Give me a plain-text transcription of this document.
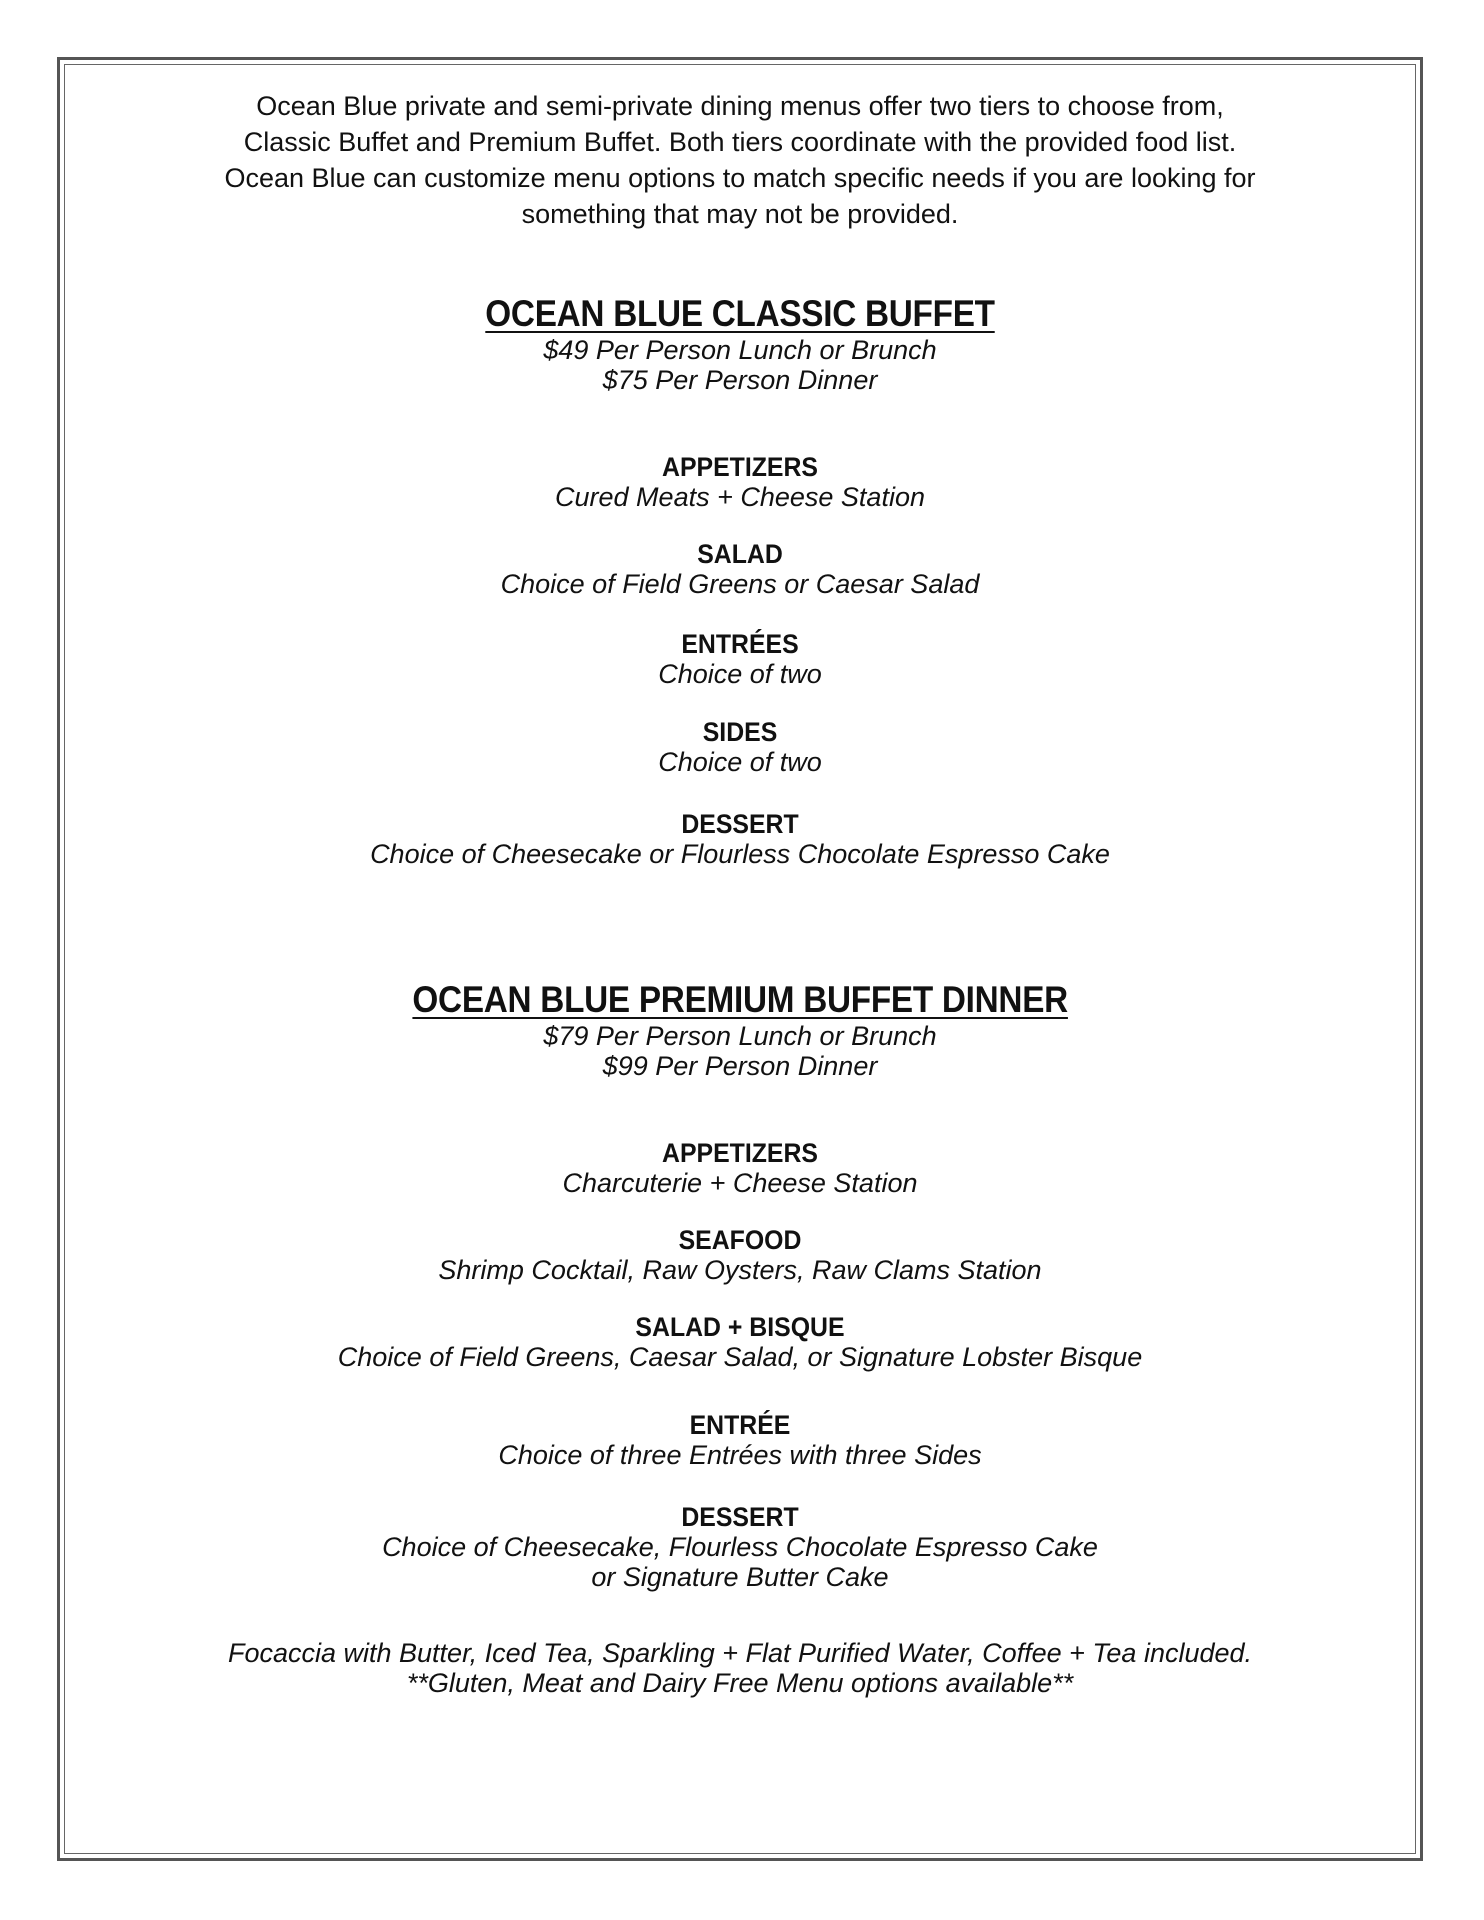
Ocean Blue private and semi-private dining menus offer two tiers to choose from,
Classic Buffet and Premium Buffet. Both tiers coordinate with the provided food list.
Ocean Blue can customize menu options to match specific needs if you are looking for
something that may not be provided.
OCEAN BLUE CLASSIC BUFFET
$49 Per Person Lunch or Brunch
$75 Per Person Dinner
APPETIZERS
Cured Meats + Cheese Station
SALAD
Choice of Field Greens or Caesar Salad
ENTRÉES
Choice of two
SIDES
Choice of two
DESSERT
Choice of Cheesecake or Flourless Chocolate Espresso Cake
OCEAN BLUE PREMIUM BUFFET DINNER
$79 Per Person Lunch or Brunch
$99 Per Person Dinner
APPETIZERS
Charcuterie + Cheese Station
SEAFOOD
Shrimp Cocktail, Raw Oysters, Raw Clams Station
SALAD + BISQUE
Choice of Field Greens, Caesar Salad, or Signature Lobster Bisque
ENTRÉE
Choice of three Entrées with three Sides
DESSERT
Choice of Cheesecake, Flourless Chocolate Espresso Cake
or Signature Butter Cake
Focaccia with Butter, Iced Tea, Sparkling + Flat Purified Water, Coffee + Tea included.
**Gluten, Meat and Dairy Free Menu options available**
